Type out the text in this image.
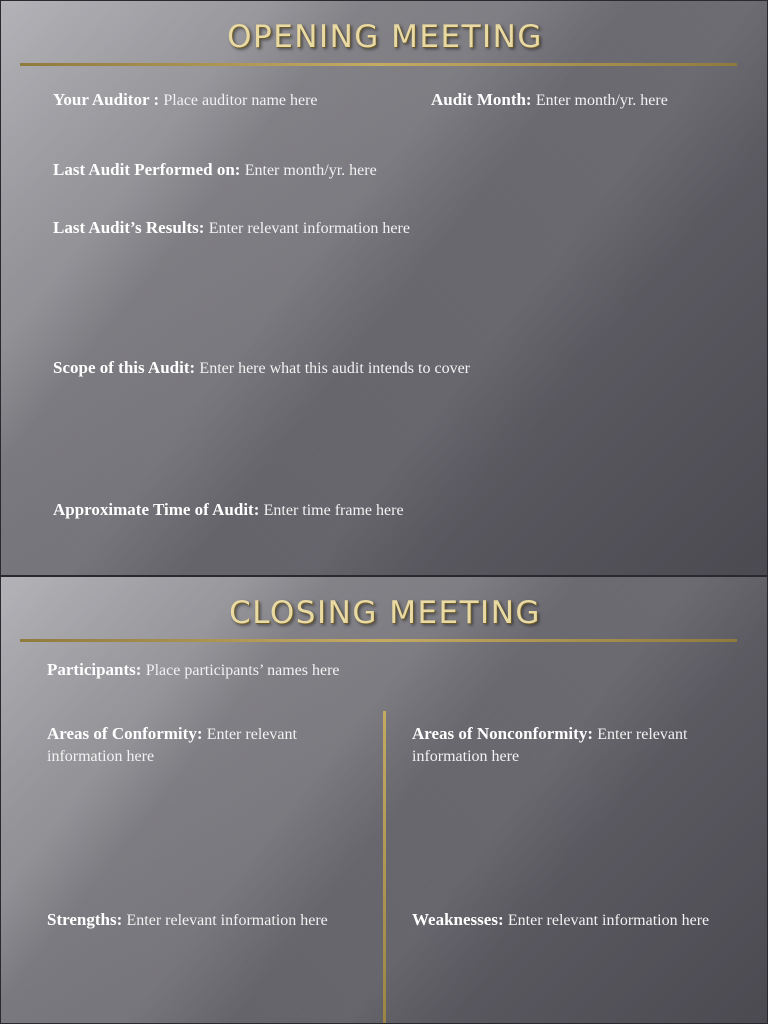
OPENING MEETING
Your Auditor : Place auditor name here	Audit Month: Enter month/yr. here
Last Audit Performed on: Enter month/yr. here
Last Audit’s Results: Enter relevant information here
Scope of this Audit: Enter here what this audit intends to cover
Approximate Time of Audit: Enter time frame here
CLOSING MEETING
Participants: Place participants’ names here
Areas of Conformity: Enter relevant information here
Areas of Nonconformity: Enter relevant information here
Strengths: Enter relevant information here	Weaknesses: Enter relevant information here
